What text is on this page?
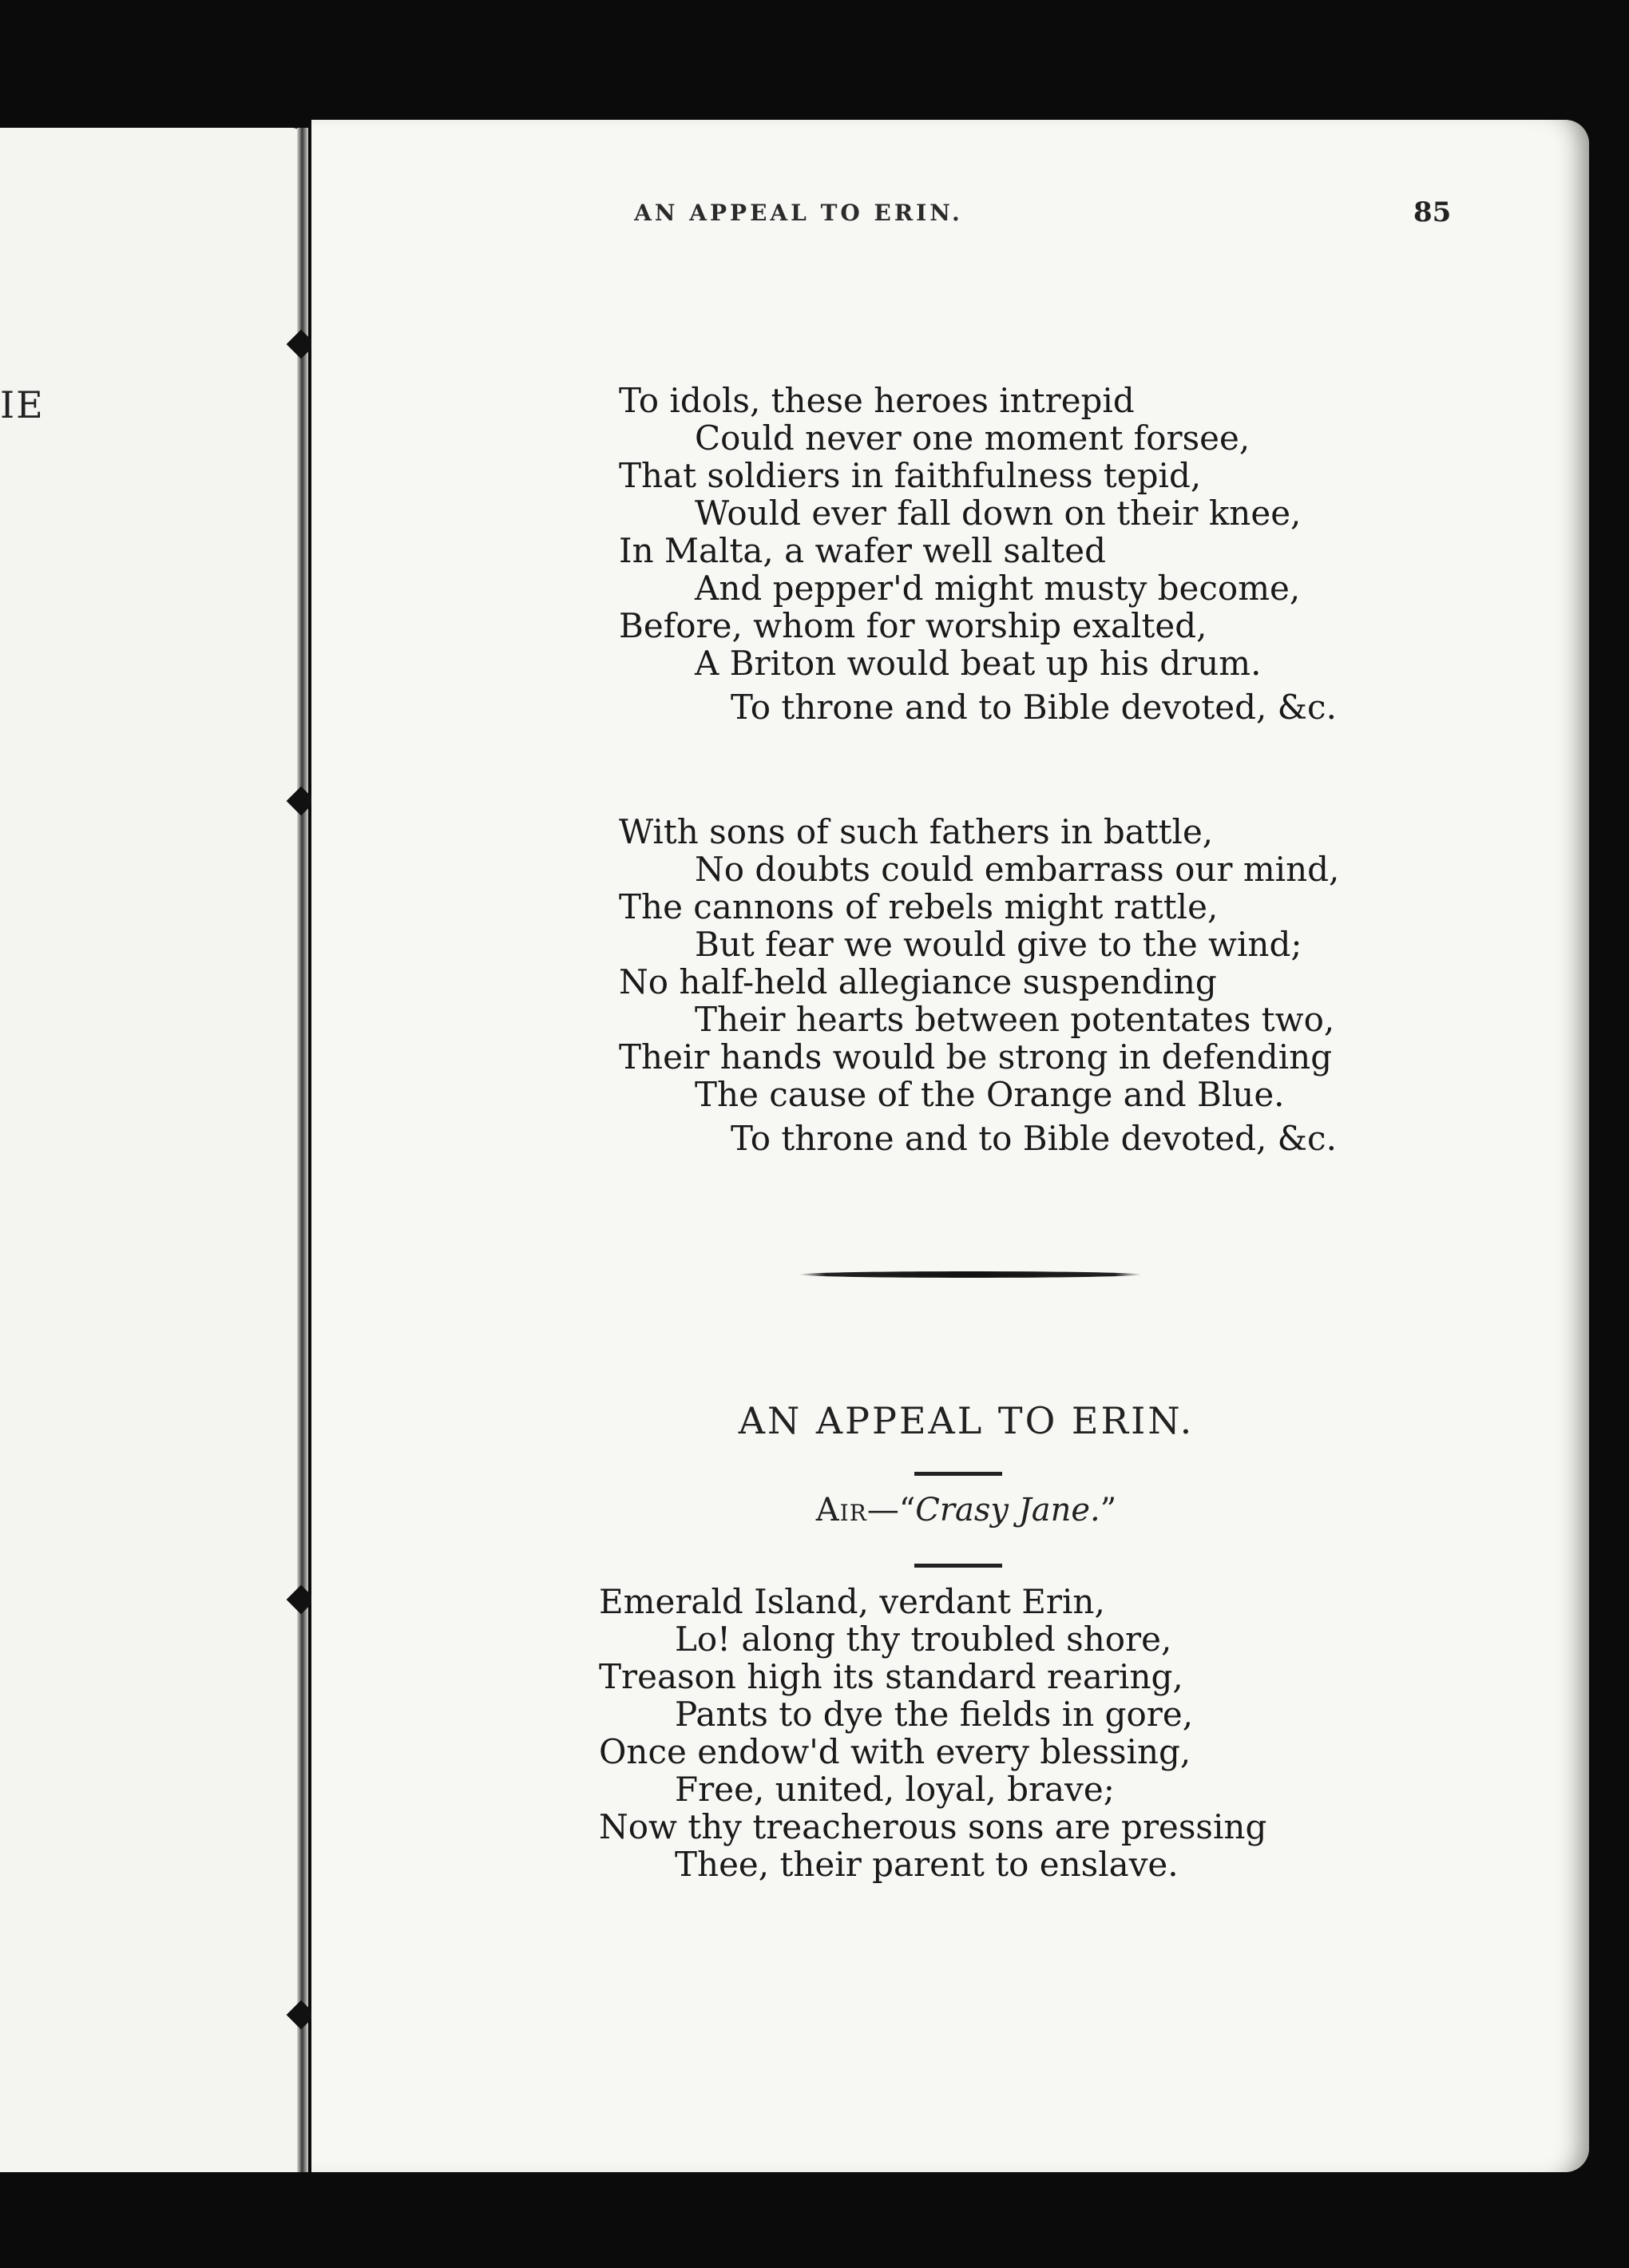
IE
AN APPEAL TO ERIN.	85
To idols, these heroes intrepid
Could never one moment forsee,
That soldiers in faithfulness tepid,
Would ever fall down on their knee,
In Malta, a wafer well salted
And pepper'd might musty become,
Before, whom for worship exalted,
A Briton would beat up his drum.
To throne and to Bible devoted, &c.
With sons of such fathers in battle,
No doubts could embarrass our mind,
The cannons of rebels might rattle,
But fear we would give to the wind;
No half-held allegiance suspending
Their hearts between potentates two,
Their hands would be strong in defending
The cause of the Orange and Blue.
To throne and to Bible devoted, &c.
AN APPEAL TO ERIN.
Air—“Crasy Jane.”
Emerald Island, verdant Erin,
Lo! along thy troubled shore,
Treason high its standard rearing,
Pants to dye the fields in gore,
Once endow'd with every blessing,
Free, united, loyal, brave;
Now thy treacherous sons are pressing
Thee, their parent to enslave.
